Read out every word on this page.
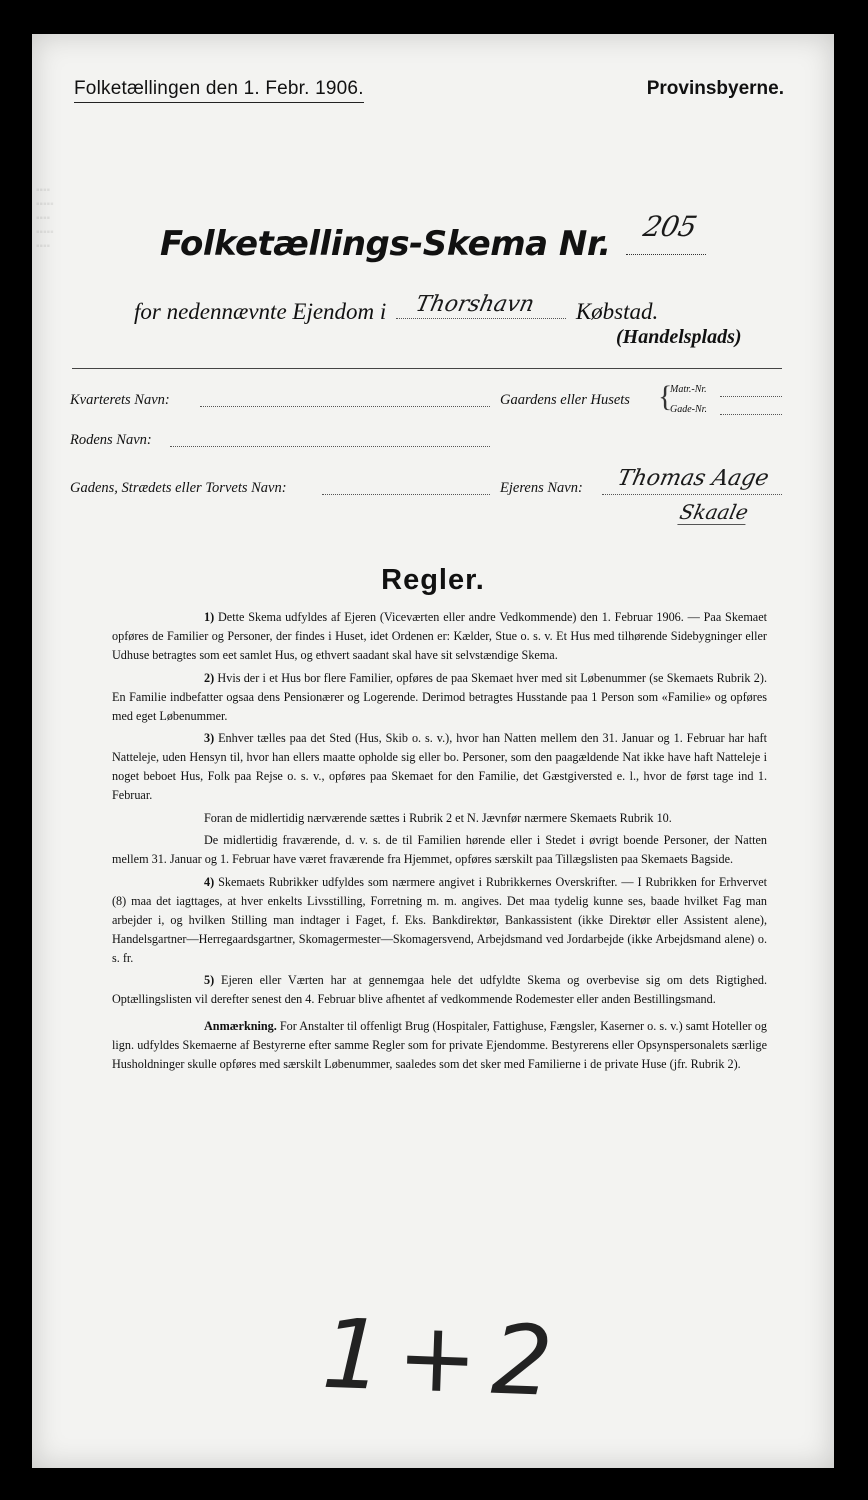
▪▪▪▪
▪▪▪▪▪
▪▪▪▪
▪▪▪▪▪
▪▪▪▪
Folketællingen den 1. Febr. 1906.	Provinsbyerne.
Folketællings-Skema Nr. 205
for nedennævnte Ejendom i Thorshavn Købstad.
(Handelsplads)
Kvarterets Navn:	Gaardens eller Husets {
Matr.-Nr.
Gade-Nr.
Rodens Navn:
Gadens, Strædets eller Torvets Navn:	Ejerens Navn: Thomas Aage
Skaale
Regler.

1) Dette Skema udfyldes af Ejeren (Viceværten eller andre Vedkommende) den 1. Februar 1906. — Paa Skemaet opføres de Familier og Personer, der findes i Huset, idet Ordenen er: Kælder, Stue o. s. v. Et Hus med tilhørende Sidebygninger eller Udhuse betragtes som eet samlet Hus, og ethvert saadant skal have sit selvstændige Skema.

2) Hvis der i et Hus bor flere Familier, opføres de paa Skemaet hver med sit Løbenummer (se Skemaets Rubrik 2). En Familie indbefatter ogsaa dens Pensionærer og Logerende. Derimod betragtes Husstande paa 1 Person som «Familie» og opføres med eget Løbenummer.

3) Enhver tælles paa det Sted (Hus, Skib o. s. v.), hvor han Natten mellem den 31. Januar og 1. Februar har haft Natteleje, uden Hensyn til, hvor han ellers maatte opholde sig eller bo. Personer, som den paagældende Nat ikke have haft Natteleje i noget beboet Hus, Folk paa Rejse o. s. v., opføres paa Skemaet for den Familie, det Gæstgiversted e. l., hvor de først tage ind 1. Februar.

Foran de midlertidig nærværende sættes i Rubrik 2 et N. Jævnfør nærmere Skemaets Rubrik 10.

De midlertidig fraværende, d. v. s. de til Familien hørende eller i Stedet i øvrigt boende Personer, der Natten mellem 31. Januar og 1. Februar have været fraværende fra Hjemmet, opføres særskilt paa Tillægslisten paa Skemaets Bagside.

4) Skemaets Rubrikker udfyldes som nærmere angivet i Rubrikkernes Overskrifter. — I Rubrikken for Erhvervet (8) maa det iagttages, at hver enkelts Livsstilling, Forretning m. m. angives. Det maa tydelig kunne ses, baade hvilket Fag man arbejder i, og hvilken Stilling man indtager i Faget, f. Eks. Bankdirektør, Bankassistent (ikke Direktør eller Assistent alene), Handelsgartner—Herregaardsgartner, Skomagermester—Skomagersvend, Arbejdsmand ved Jordarbejde (ikke Arbejdsmand alene) o. s. fr.

5) Ejeren eller Værten har at gennemgaa hele det udfyldte Skema og overbevise sig om dets Rigtighed. Optællingslisten vil derefter senest den 4. Februar blive afhentet af vedkommende Rodemester eller anden Bestillingsmand.

Anmærkning. For Anstalter til offenligt Brug (Hospitaler, Fattighuse, Fængsler, Kaserner o. s. v.) samt Hoteller og lign. udfyldes Skemaerne af Bestyrerne efter samme Regler som for private Ejendomme. Bestyrerens eller Opsynspersonalets særlige Husholdninger skulle opføres med særskilt Løbenummer, saaledes som det sker med Familierne i de private Huse (jfr. Rubrik 2).

1+2
